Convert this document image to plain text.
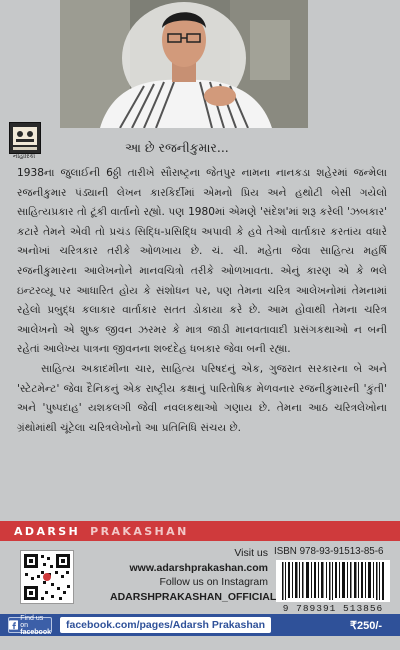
નીહારિકા
આ છે રજનીકુમાર...

1938ના જુલાઈની 6ઠ્ઠી તારીખે સૌરાષ્ટ્રના જેતપુર નામના નાનકડા શહેરમાં જન્મેલા રજનીકુમાર પંડ્યાની લેખન કારકિર્દીમાં એમનો પ્રિય અને હથોટી બેસી ગયેલો સાહિત્યપ્રકાર તો ટૂંકી વાર્તાનો રહ્યો. પણ 1980માં એમણે 'સંદેશ'માં શરૂ કરેલી 'ઝબકાર' કટારે તેમને એવી તો પ્રચંડ સિદ્ધિ-પ્રસિદ્ધિ અપાવી કે હવે તેઓ વાર્તાકાર કરતાંય વધારે અનોખાં ચરિત્રકાર તરીકે ઓળખાય છે. ચં. ચી. મહેતા જેવા સાહિત્ય મહર્ષિ રજનીકુમારના આલેખનોને માનવચિત્રો તરીકે ઓળખાવતા. એનું કારણ એ કે ભલે ઇન્ટરવ્યૂ પર આધારિત હોય કે સંશોધન પર, પણ તેમના ચરિત્ર આલેખનોમાં તેમનામાં રહેલો પ્રબુદ્ધ કલાકાર વાર્તાકાર સતત ડોકાયા કરે છે. આમ હોવાથી તેમના ચરિત્ર આલેખનો એ શુષ્ક જીવન ઝરમર કે માત્ર જાડી માનવતાવાદી પ્રસંગકથાઓ ન બની રહેતાં આલેખ્ય પાત્રના જીવનના શબ્દદેહ ધબકાર જેવા બની રહ્યા.

સાહિત્ય અકાદમીના ચાર, સાહિત્ય પરિષદનું એક, ગુજરાત સરકારના બે અને 'સ્ટેટમેન્ટ' જેવા દૈનિકનું એક રાષ્ટ્રીય કક્ષાનું પારિતોષિક મેળવનાર રજનીકુમારની 'કુંતી' અને 'પુષ્પદાહ' યશકલગી જેવી નવલકથાઓ ગણાય છે. તેમના આઠ ચરિત્રલેખોના ગ્રંથોમાંથી ચૂંટેલા ચરિત્રલેખોનો આ પ્રતિનિધિ સંચય છે.

ADARSH PRAKASHAN
Visit us
www.adarshprakashan.com
Follow us on Instagram
ADARSHPRAKASHAN_OFFICIAL
ISBN 978-93-91513-85-6
9 789391 513856
Find us on
facebook
facebook.com/pages/Adarsh Prakashan	₹250/-
